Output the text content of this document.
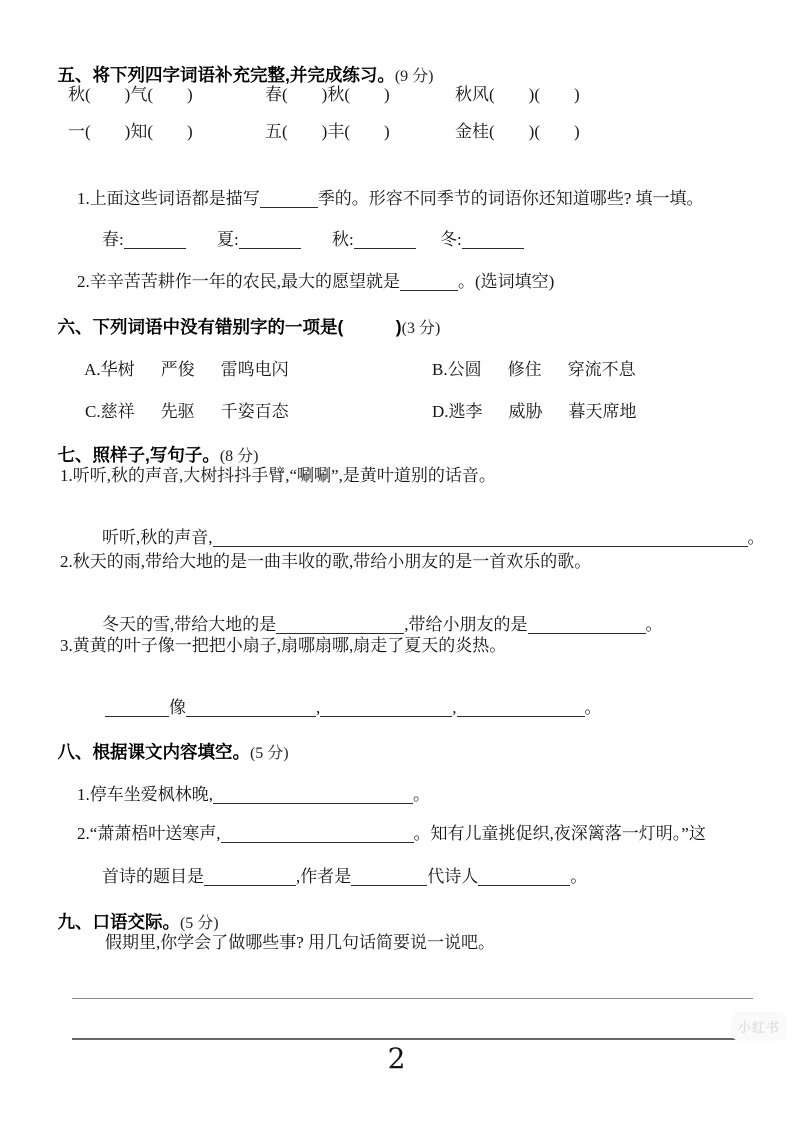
五、将下列四字词语补充完整,并完成练习。(9 分)

秋(　　)气(　　)	春(　　)秋(　　)	秋风(　　)(　　)
一(　　)知(　　)	五(　　)丰(　　)	金桂(　　)(　　)

1.上面这些词语都是描写	季的。形容不同季节的词语你还知道哪些? 填一填。

春:
	夏:
	秋:
	冬:

2.辛辛苦苦耕作一年的农民,最大的愿望就是	。(选词填空)

六、下列词语中没有错别字的一项是(　　　)(3 分)

A.华树 严俊 雷鸣电闪
	B.公圆 修住 穿流不息

C.慈祥 先驱 千姿百态
	D.逃李 威胁 暮天席地

七、照样子,写句子。(8 分)

1.听听,秋的声音,大树抖抖手臂,“唰唰”,是黄叶道别的话音。

听听,秋的声音,	。

2.秋天的雨,带给大地的是一曲丰收的歌,带给小朋友的是一首欢乐的歌。

冬天的雪,带给大地的是	,带给小朋友的是	。

3.黄黄的叶子像一把把小扇子,扇哪扇哪,扇走了夏天的炎热。

像	,	,	。

八、根据课文内容填空。(5 分)

1.停车坐爱枫林晚,	。

2.“萧萧梧叶送寒声,	。知有儿童挑促织,夜深篱落一灯明。”这

首诗的题目是	,作者是	代诗人	。

九、口语交际。(5 分)

假期里,你学会了做哪些事? 用几句话简要说一说吧。
小红书
2
